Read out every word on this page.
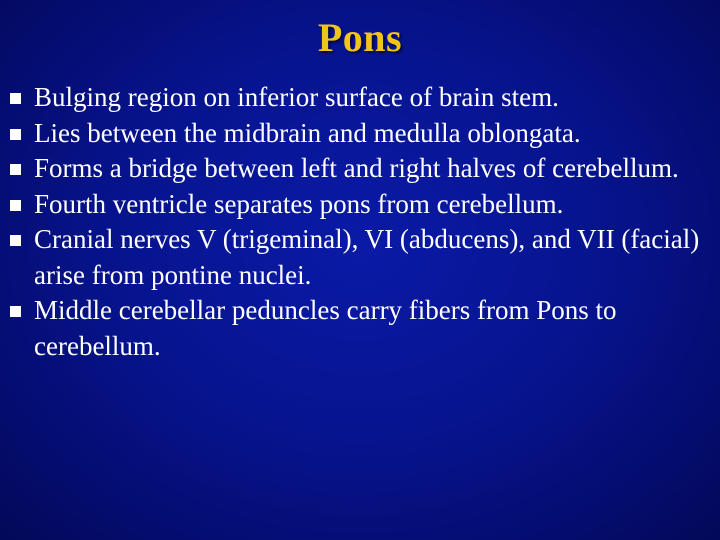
Pons
Bulging region on inferior surface of brain stem.
Lies between the midbrain and medulla oblongata.
Forms a bridge between left and right halves of cerebellum.
Fourth ventricle separates pons from cerebellum.
Cranial nerves V (trigeminal), VI (abducens), and VII (facial) arise from pontine nuclei.
Middle cerebellar peduncles carry fibers from Pons to cerebellum.
